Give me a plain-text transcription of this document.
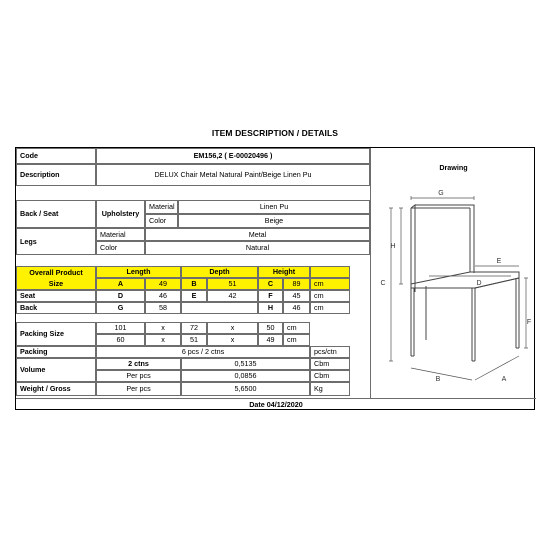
ITEM DESCRIPTION / DETAILS
Code	EM156,2 ( E-00020496 )
Description	DELUX Chair Metal Natural Paint/Beige Linen Pu
Back / Seat	Upholstery
Material	Linen Pu
Color	Beige
Legs
Material	Metal
Color	Natural
Overall Product
Size
Length	Depth	Height
A	49	B	51	C	89	cm
Seat	D	46	E	42	F	45	cm
Back	G	58	H	46	cm
Packing Size
101	x	72	x	50	cm
60	x	51	x	49	cm
Packing	6 pcs / 2 ctns	pcs/ctn
Volume
2 ctns	0,5135	Cbm
Per pcs	0,0856	Cbm
Weight / Gross	Per pcs	5,6500	Kg
Drawing
G
H
C
E
D
F
B	A
Date 04/12/2020
